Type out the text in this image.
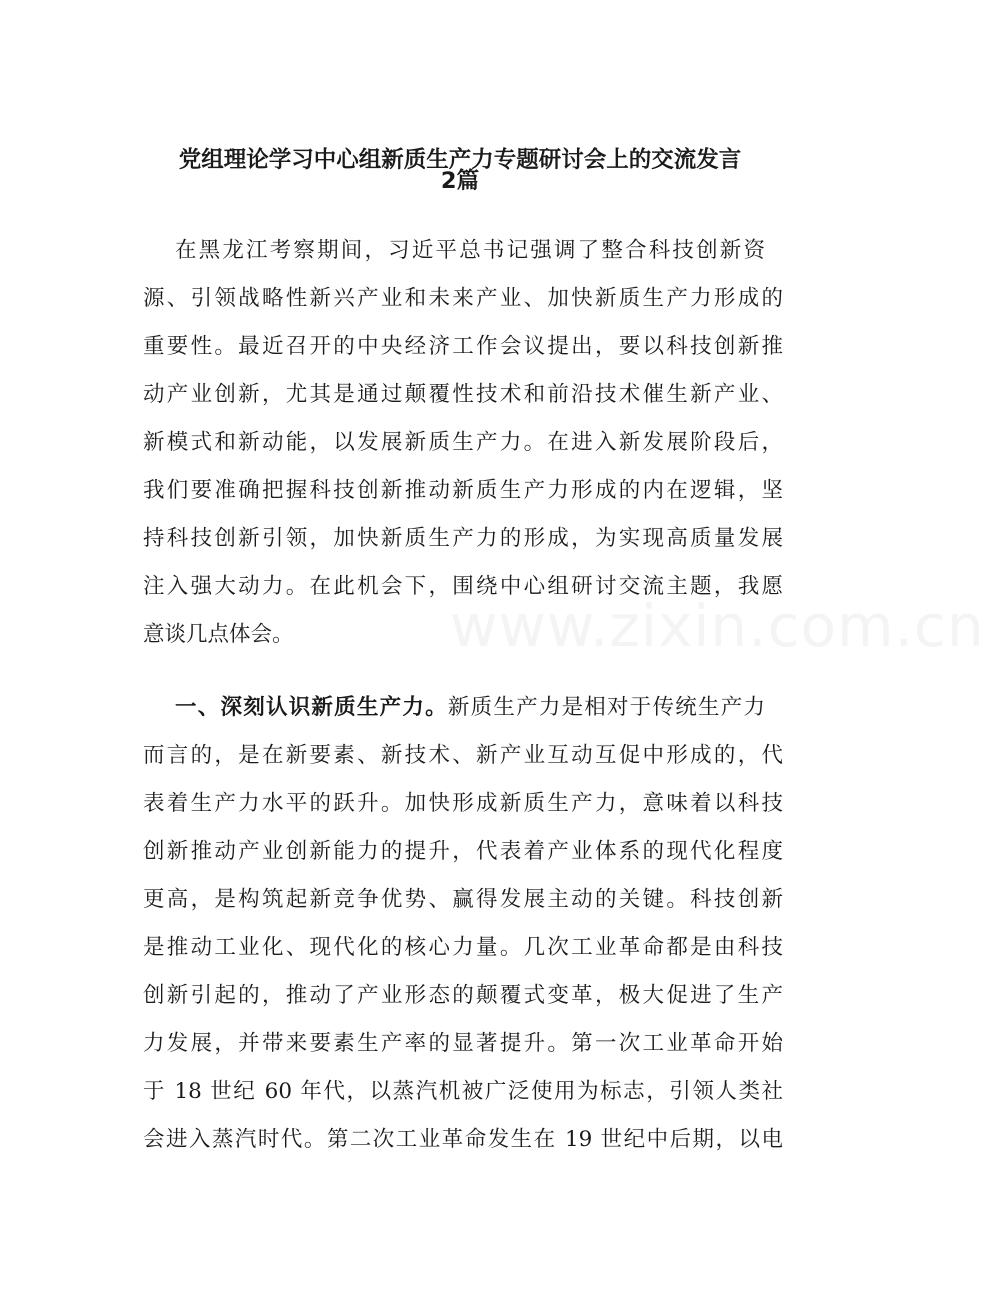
党组理论学习中心组新质生产力专题研讨会上的交流发言
2篇
www.zixin.com.cn
在黑龙江考察期间，习近平总书记强调了整合科技创新资
源、引领战略性新兴产业和未来产业、加快新质生产力形成的
重要性。最近召开的中央经济工作会议提出，要以科技创新推
动产业创新，尤其是通过颠覆性技术和前沿技术催生新产业、
新模式和新动能，以发展新质生产力。在进入新发展阶段后，
我们要准确把握科技创新推动新质生产力形成的内在逻辑，坚
持科技创新引领，加快新质生产力的形成，为实现高质量发展
注入强大动力。在此机会下，围绕中心组研讨交流主题，我愿
意谈几点体会。
一、深刻认识新质生产力。新质生产力是相对于传统生产力
而言的，是在新要素、新技术、新产业互动互促中形成的，代
表着生产力水平的跃升。加快形成新质生产力，意味着以科技
创新推动产业创新能力的提升，代表着产业体系的现代化程度
更高，是构筑起新竞争优势、赢得发展主动的关键。科技创新
是推动工业化、现代化的核心力量。几次工业革命都是由科技
创新引起的，推动了产业形态的颠覆式变革，极大促进了生产
力发展，并带来要素生产率的显著提升。第一次工业革命开始
于 18 世纪 60 年代，以蒸汽机被广泛使用为标志，引领人类社
会进入蒸汽时代。第二次工业革命发生在 19 世纪中后期，以电
